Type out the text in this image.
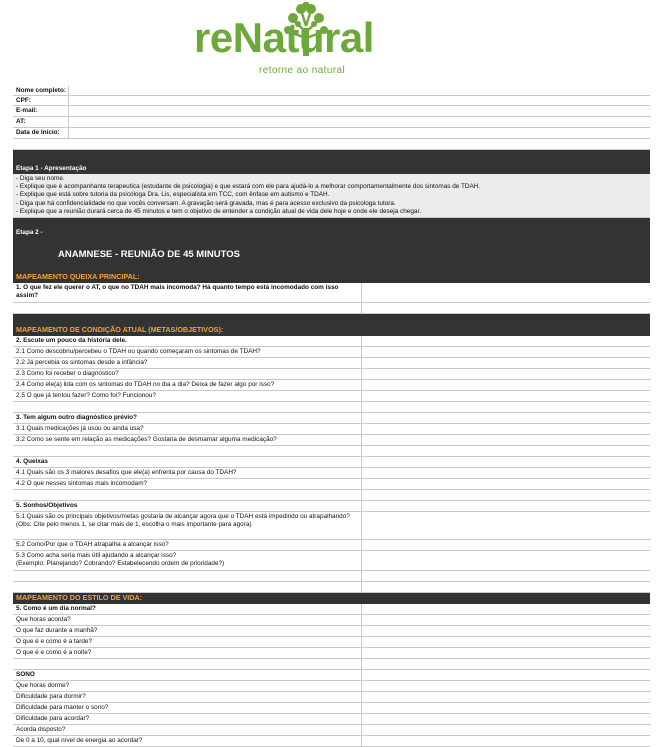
reNatural
retorne ao natural
Nome completo:
CPF:
E-mail:
AT:
Data de Início:
Etapa 1 - Apresentação
- Diga seu nome.
- Explique que é acompanhante terapeutica (estudante de psicologia) e que estará com ele para ajudá-lo a melhorar comportamentalmente dos sintomas de TDAH.
- Explique que está sobre tutoria da psicóloga Dra. Lis, especialista em TCC, com ênfase em autismo e TDAH.
- Diga que há confidencialidade no que vocês conversam. A gravação será gravada, mas é para acesso exclusivo da psicologa tutora.
- Explique que a reunião durará cerca de 45 minutos e tem o objetivo de entender a condição atual de vida dele hoje e onde ele deseja chegar.
Etapa 2 -
ANAMNESE - REUNIÃO DE 45 MINUTOS
MAPEAMENTO QUEIXA PRINCIPAL:
1. O que fez ele querer o AT, o que no TDAH mais incomoda? Há quanto tempo está incomodado com isso assim?
MAPEAMENTO DE CONDIÇÃO ATUAL (METAS/OBJETIVOS):
2. Escute um pouco da história dele.
2.1 Como descobriu/percebeu o TDAH ou quando começaram os sintomas de TDAH?
2.2 Já percebia os sintomas desde a infância?
2.3 Como foi receber o diagnóstico?
2.4 Como ele(a) lida com os sintomas do TDAH no dia a dia? Deixa de fazer algo por isso?
2.5 O que já tentou fazer? Como foi? Funcionou?
3. Tem algum outro diagnóstico prévio?
3.1 Quais medicações já usou ou ainda usa?
3.2 Como se sente em relação as medicações? Gostaria de desmamar alguma medicação?
4. Queixas
4.1 Quais são os 3 maiores desafios que ele(a) enfrenta por causa do TDAH?
4.2 O que nesses sintomas mais incomodam?
5. Sonhos/Objetivos
5.1 Quais são os principais objetivos/metas gostaria de alcançar agora que o TDAH está impedindo ou atrapalhando?
(Obs: Cite pelo menos 1, se citar mais de 1, escolha o mais importante para agora)
5.2 Como/Por que o TDAH atrapalha a alcançar isso?
5.3 Como acha seria mais útil ajudando a alcançar isso?
(Exemplo: Planejando? Cobrando? Estabelecendo ordem de prioridade?)
MAPEAMENTO DO ESTILO DE VIDA:
5. Como é um dia normal?
Que horas acorda?
O que faz durante a manhã?
O que é e como é a tarde?
O que é e como é a noite?
SONO
Que horas dorme?
Dificuldade para dormir?
Dificuldade para manter o sono?
Dificuldade para acordar?
Acorda disposto?
De 0 a 10, qual nível de energia ao acordar?
